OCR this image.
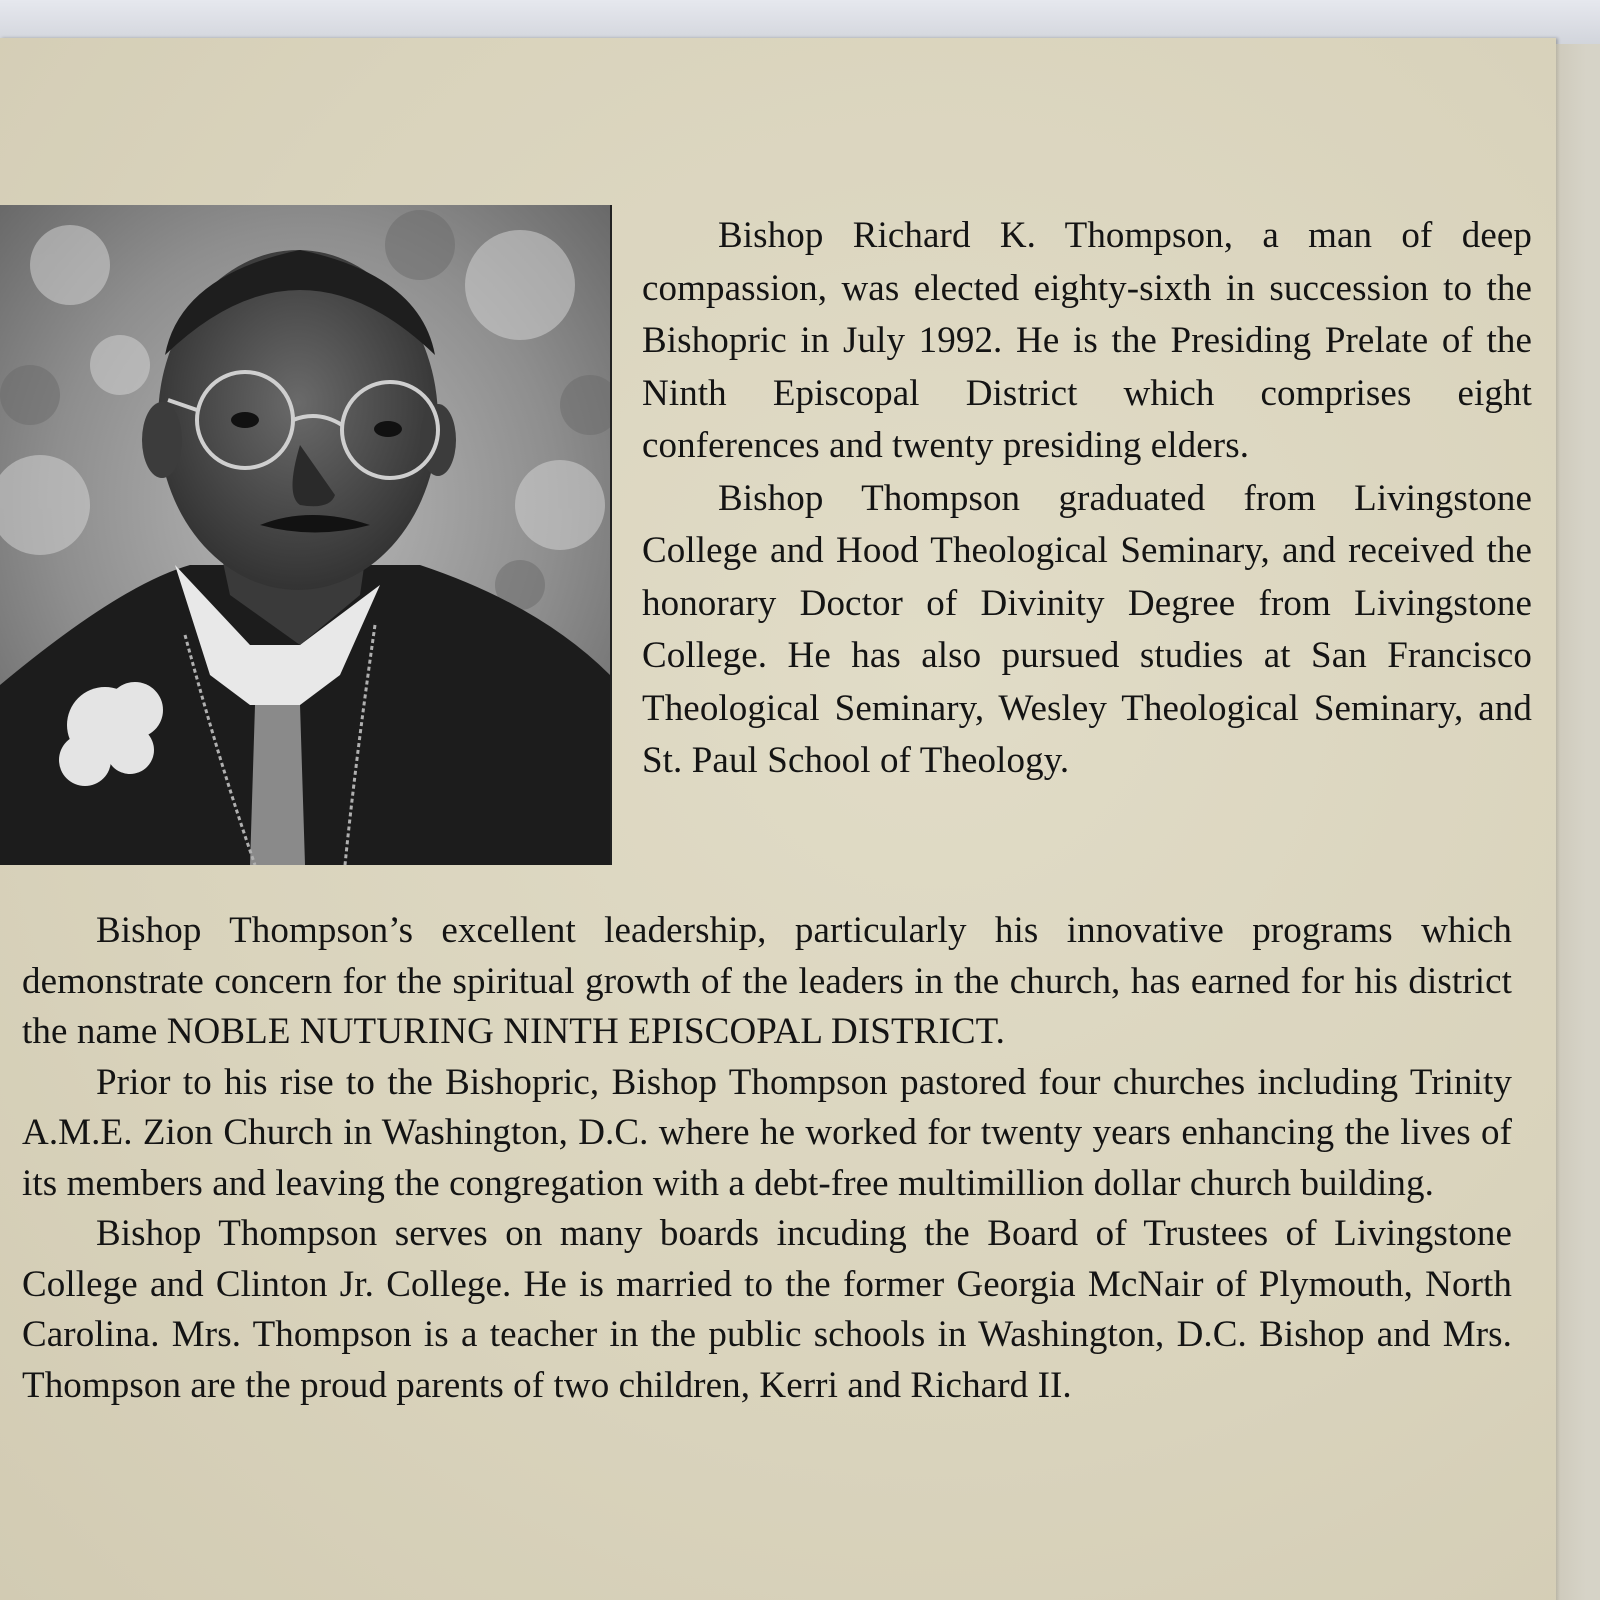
Bishop Richard K. Thompson, a man of deep compassion, was elected eighty-sixth in succession to the Bishopric in July 1992. He is the Presiding Prelate of the Ninth Episcopal District which comprises eight conferences and twenty presiding elders.

Bishop Thompson graduated from Livingstone College and Hood Theological Seminary, and received the honorary Doctor of Divinity Degree from Livingstone College. He has also pursued studies at San Francisco Theological Seminary, Wesley Theological Seminary, and St. Paul School of Theology.

Bishop Thompson’s excellent leadership, particularly his innovative programs which demonstrate concern for the spiritual growth of the leaders in the church, has earned for his district the name NOBLE NUTURING NINTH EPISCOPAL DISTRICT.

Prior to his rise to the Bishopric, Bishop Thompson pastored four churches including Trinity A.M.E. Zion Church in Washington, D.C. where he worked for twenty years enhancing the lives of its members and leaving the congregation with a debt-free multimillion dollar church building.

Bishop Thompson serves on many boards incuding the Board of Trustees of Livingstone College and Clinton Jr. College. He is married to the former Georgia McNair of Plymouth, North Carolina. Mrs. Thompson is a teacher in the public schools in Washington, D.C. Bishop and Mrs. Thompson are the proud parents of two children, Kerri and Richard II.
